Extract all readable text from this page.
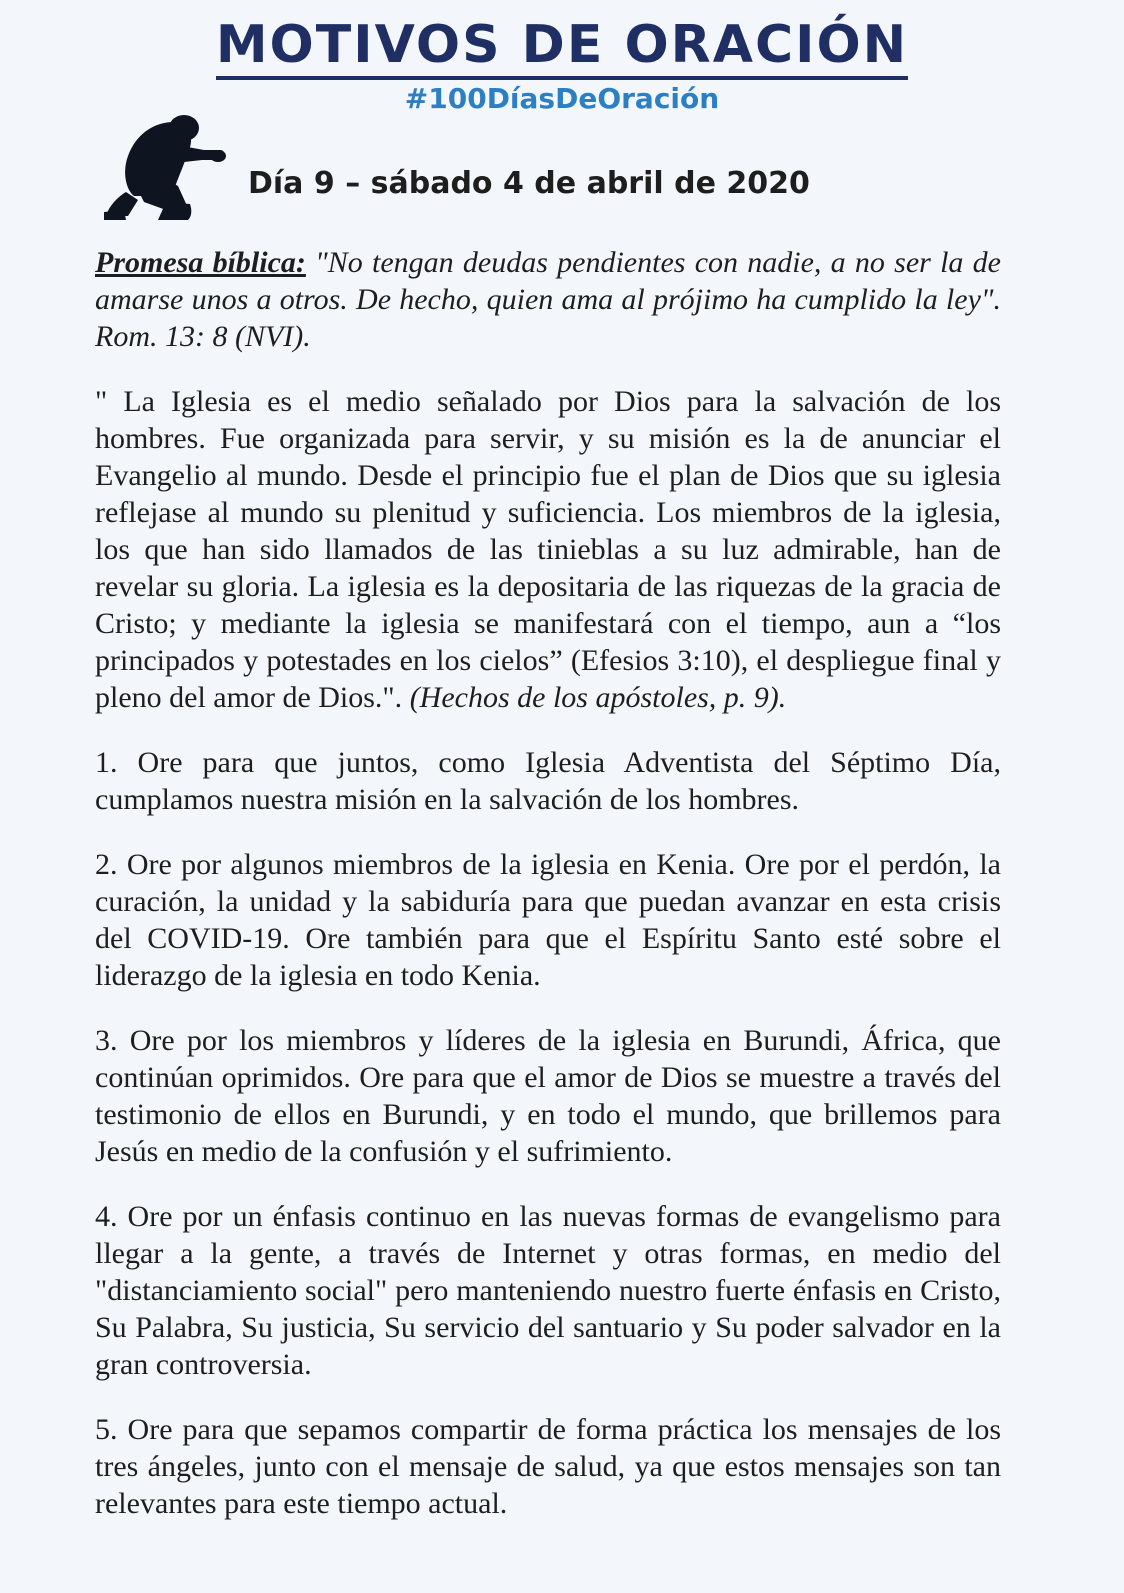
MOTIVOS DE ORACIÓN
#100DíasDeOración
Día 9 – sábado 4 de abril de 2020

Promesa bíblica: "No tengan deudas pendientes con nadie, a no ser la de amarse unos a otros. De hecho, quien ama al prójimo ha cumplido la ley". Rom. 13: 8 (NVI).

" La Iglesia es el medio señalado por Dios para la salvación de los hombres. Fue organizada para servir, y su misión es la de anunciar el Evangelio al mundo. Desde el principio fue el plan de Dios que su iglesia reflejase al mundo su plenitud y suficiencia. Los miembros de la iglesia, los que han sido llamados de las tinieblas a su luz admirable, han de revelar su gloria. La iglesia es la depositaria de las riquezas de la gracia de Cristo; y mediante la iglesia se manifestará con el tiempo, aun a “los principados y potestades en los cielos” (Efesios 3:10), el despliegue final y pleno del amor de Dios.". (Hechos de los apóstoles, p. 9).

1. Ore para que juntos, como Iglesia Adventista del Séptimo Día, cumplamos nuestra misión en la salvación de los hombres.

2. Ore por algunos miembros de la iglesia en Kenia. Ore por el perdón, la curación, la unidad y la sabiduría para que puedan avanzar en esta crisis del COVID-19. Ore también para que el Espíritu Santo esté sobre el liderazgo de la iglesia en todo Kenia.

3. Ore por los miembros y líderes de la iglesia en Burundi, África, que continúan oprimidos. Ore para que el amor de Dios se muestre a través del testimonio de ellos en Burundi, y en todo el mundo, que brillemos para Jesús en medio de la confusión y el sufrimiento.

4. Ore por un énfasis continuo en las nuevas formas de evangelismo para llegar a la gente, a través de Internet y otras formas, en medio del "distanciamiento social" pero manteniendo nuestro fuerte énfasis en Cristo, Su Palabra, Su justicia, Su servicio del santuario y Su poder salvador en la gran controversia.

5. Ore para que sepamos compartir de forma práctica los mensajes de los tres ángeles, junto con el mensaje de salud, ya que estos mensajes son tan relevantes para este tiempo actual.
